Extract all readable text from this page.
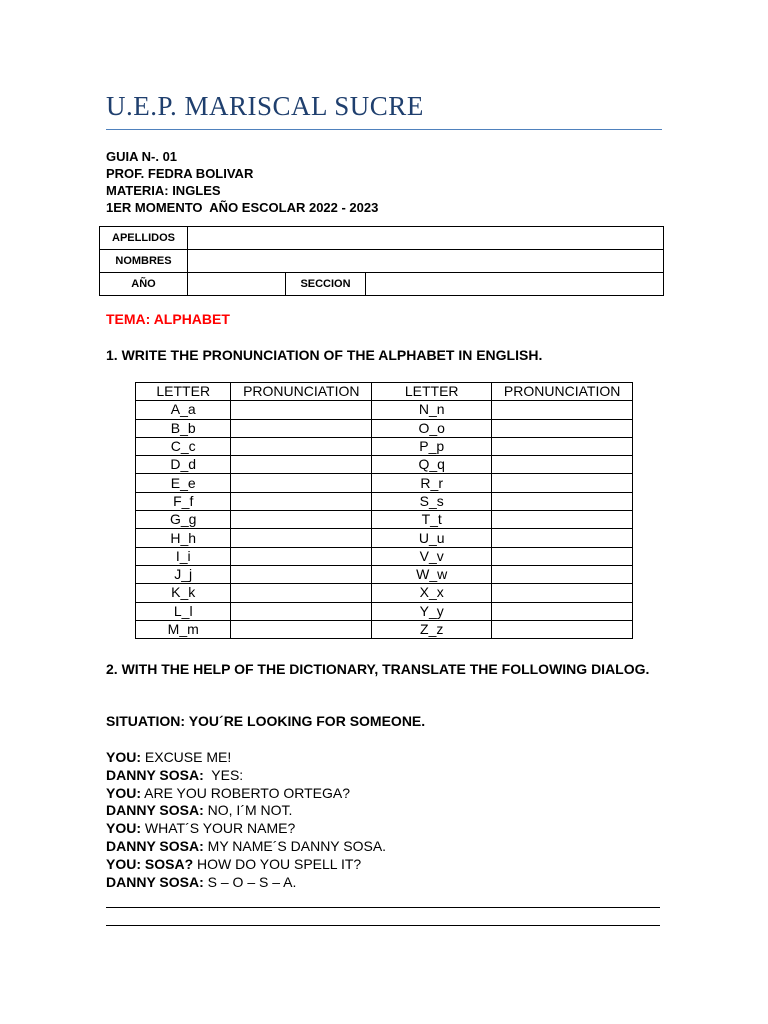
U.E.P. MARISCAL SUCRE
GUIA N-. 01
PROF. FEDRA BOLIVAR
MATERIA: INGLES
1ER MOMENTO  AÑO ESCOLAR 2022 - 2023
APELLIDOS			
NOMBRES			
AÑO		SECCION	
TEMA: ALPHABET
1. WRITE THE PRONUNCIATION OF THE ALPHABET IN ENGLISH.
LETTER	PRONUNCIATION	LETTER	PRONUNCIATION
A_a		N_n	
B_b		O_o	
C_c		P_p	
D_d		Q_q	
E_e		R_r	
F_f		S_s	
G_g		T_t	
H_h		U_u	
I_i		V_v	
J_j		W_w	
K_k		X_x	
L_l		Y_y	
M_m		Z_z	
2. WITH THE HELP OF THE DICTIONARY, TRANSLATE THE FOLLOWING DIALOG.
SITUATION: YOU´RE LOOKING FOR SOMEONE.
YOU: EXCUSE ME!
DANNY SOSA:  YES:
YOU: ARE YOU ROBERTO ORTEGA?
DANNY SOSA: NO, I´M NOT.
YOU: WHAT´S YOUR NAME?
DANNY SOSA: MY NAME´S DANNY SOSA.
YOU: SOSA? HOW DO YOU SPELL IT?
DANNY SOSA: S – O – S – A.
